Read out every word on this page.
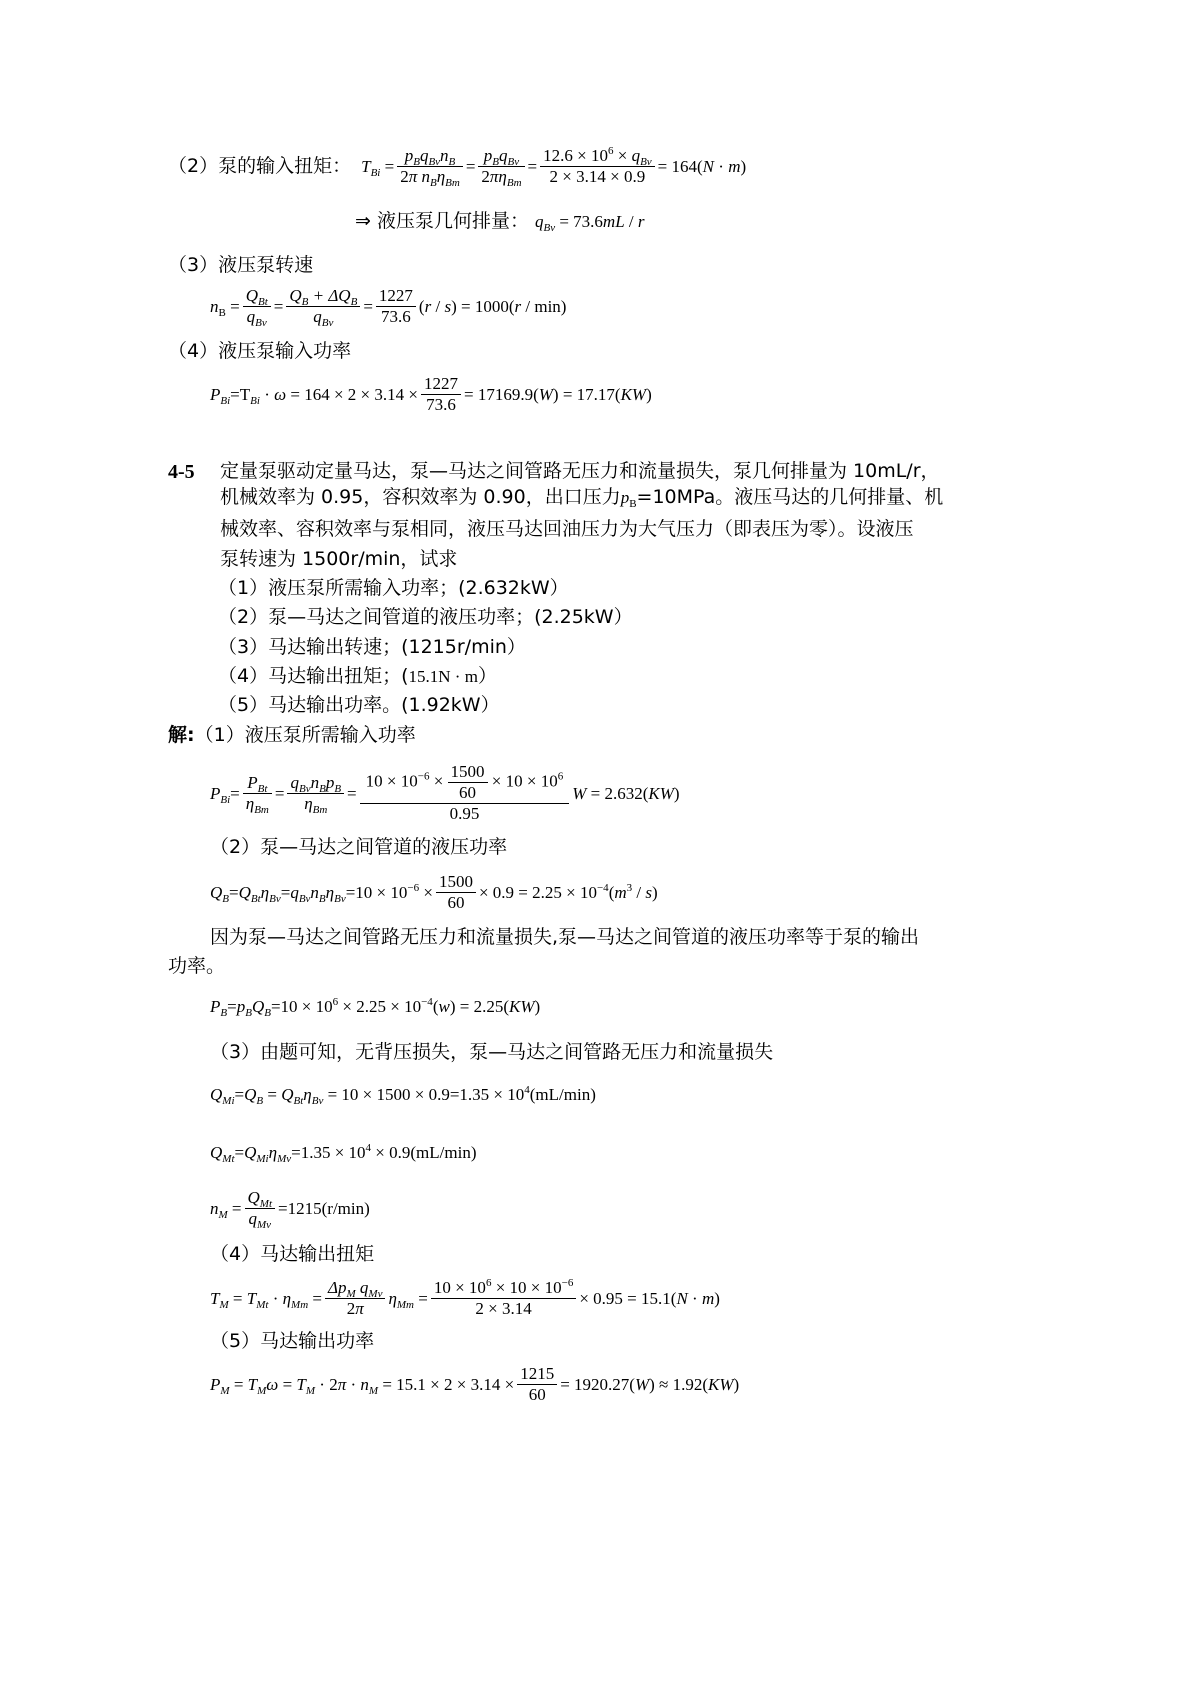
（2）泵的输入扭矩： $T_{Bi} = \frac{p_Bq_{Bv}n_B}{2\pi n_B\eta_{Bm}} = \frac{p_Bq_{Bv}}{2\pi\eta_{Bm}} = \frac{12.6 \times 10^6 \times q_{Bv}}{2 \times 3.14 \times 0.9} = 164(N \cdot m)$
⇒ 液压泵几何排量： $q_{Bv} = 73.6mL / r$
（3）液压泵转速
$n_B = \frac{Q_{Bt}}{q_{Bv}} = \frac{Q_B + \Delta Q_B}{q_{Bv}} = \frac{1227}{73.6} (r / s) = 1000(r / \min)$
（4）液压泵输入功率
$P_{Bi} =T_{Bi} \cdot \omega = 164 \times 2 \times 3.14 \times \frac{1227}{73.6} = 17169.9(W) = 17.17(KW)$
4-5 定量泵驱动定量马达，泵—马达之间管路无压力和流量损失，泵几何排量为 10mL/r，
机械效率为 0.95，容积效率为 0.90，出口压力 $p_B =10MPa$。液压马达的几何排量、机
械效率、容积效率与泵相同，液压马达回油压力为大气压力（即表压为零）。设液压
泵转速为 1500r/min，试求
（1）液压泵所需输入功率；(2.632kW）
（2）泵—马达之间管道的液压功率；(2.25kW）
（3）马达输出转速；(1215r/min）
（4）马达输出扭矩；( 15.1N · m ）
（5）马达输出功率。(1.92kW）
解: （1）液压泵所需输入功率
$P_{Bi} = \frac{P_{Bt}}{\eta_{Bm}} = \frac{q_{Bv}n_Bp_B}{\eta_{Bm}} = \frac{10 \times 10^{-6} \times \frac{1500}{60} \times 10 \times 10^6}{0.95}$ W = 2.632(KW)
（2）泵—马达之间管道的液压功率
$Q_B=Q_{Bt}\eta_{Bv}=q_{Bv}n_B\eta_{Bv}=10 \times 10^{-6} \times \frac{1500}{60} \times 0.9 = 2.25 \times 10^{-4}(m^3 / s)$
因为泵—马达之间管路无压力和流量损失,泵—马达之间管道的液压功率等于泵的输出
功率。
$P_B=p_BQ_B=10 \times 10^6 \times 2.25 \times 10^{-4}(w) = 2.25(KW)$
（3）由题可知，无背压损失，泵—马达之间管路无压力和流量损失
$Q_{Mi}=Q_B = Q_{Bt}\eta_{Bv} = 10 \times 1500 \times 0.9=1.35 \times 10^4(mL/\min)$
$Q_{Mt}=Q_{Mi}\eta_{Mv}=1.35 \times 10^4 \times 0.9(mL/\min)$
$n_M = \frac{Q_{Mt}}{q_{Mv}} =1215(r/\min)$
（4）马达输出扭矩
$T_M = T_{Mt} \cdot \eta_{Mm} = \frac{\Delta p_M q_{Mv}}{2\pi} \eta_{Mm} = \frac{10 \times 10^6 \times 10 \times 10^{-6}}{2 \times 3.14} \times 0.95 = 15.1(N \cdot m)$
（5）马达输出功率
$P_M = T_M\omega = T_M \cdot 2\pi \cdot n_M = 15.1 \times 2 \times 3.14 \times \frac{1215}{60} = 1920.27(W) \approx 1.92(KW)$
